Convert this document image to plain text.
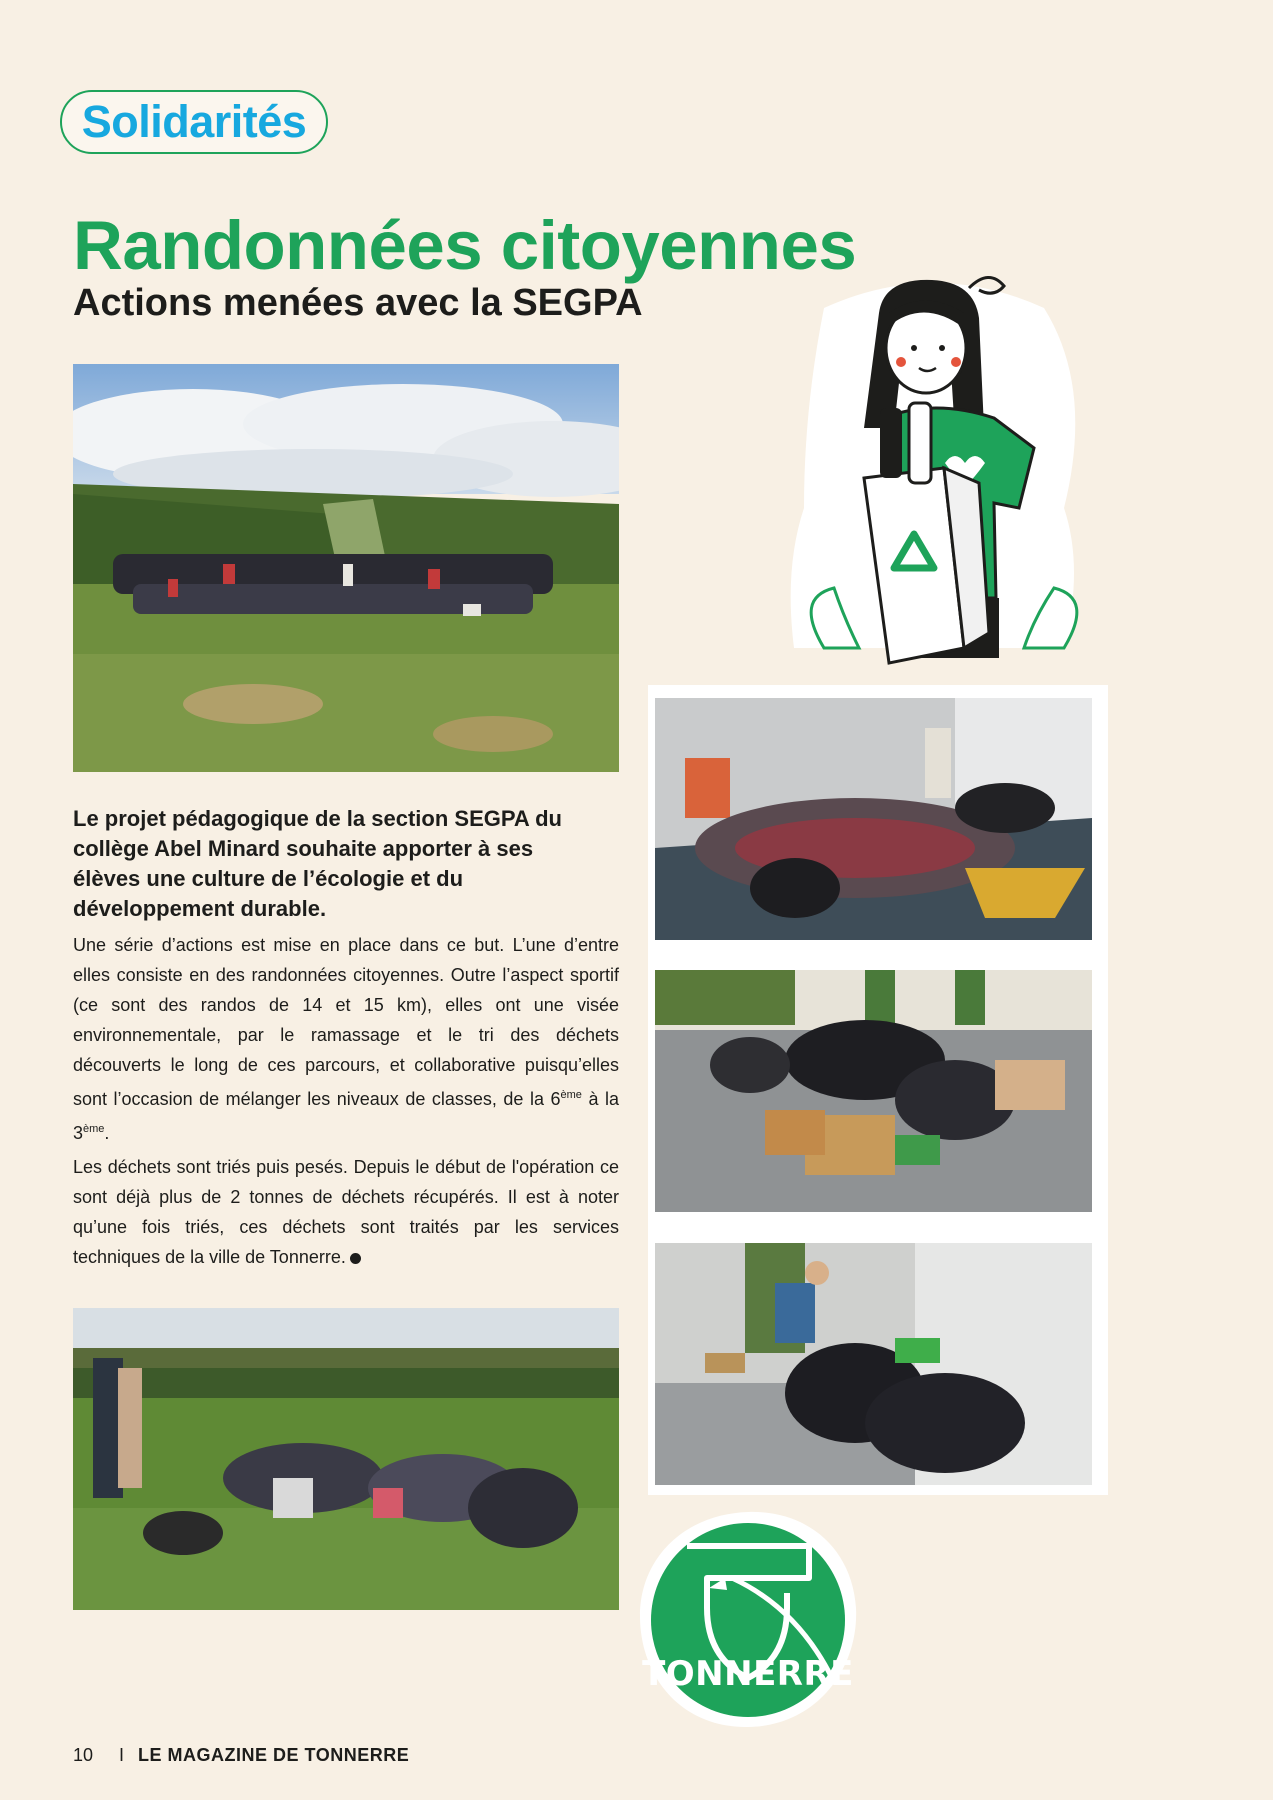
Solidarités
Randonnées citoyennes
Actions menées avec la SEGPA
Le projet pédagogique de la section SEGPA du collège Abel Minard souhaite apporter à ses élèves une culture de l’écologie et du développement durable.

Une série d’actions est mise en place dans ce but. L’une d’entre elles consiste en des randonnées citoyennes. Outre l’aspect sportif (ce sont des randos de 14 et 15 km), elles ont une visée environnementale, par le ramassage et le tri des déchets découverts le long de ces parcours, et collaborative puisqu’elles sont l’occasion de mélanger les niveaux de classes, de la 6ème à la 3ème.

Les déchets sont triés puis pesés. Depuis le début de l'opération ce sont déjà plus de 2 tonnes de déchets récupérés. Il est à noter qu’une fois triés, ces déchets sont traités par les services techniques de la ville de Tonnerre.

TONNERRE
10 I LE MAGAZINE DE TONNERRE
